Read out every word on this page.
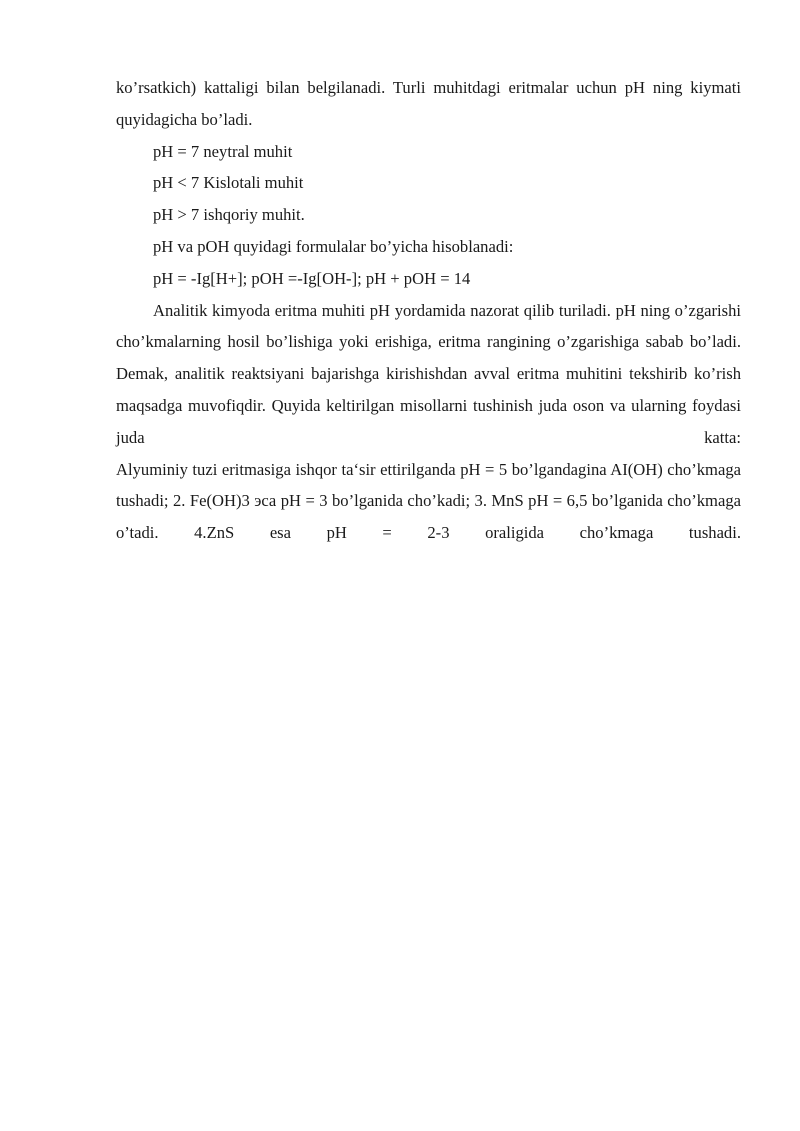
ko’rsatkich) kattaligi bilan belgilanadi. Turli muhitdagi eritmalar uchun pH ning kiymati quyidagicha bo’ladi.

pH = 7 neytral muhit

pH < 7 Kislotali muhit

pH > 7 ishqoriy muhit.

pH va pOH quyidagi formulalar bo’yicha hisoblanadi:

pH = -Ig[H+]; pOH =-Ig[OH-]; pH + pOH = 14

Analitik kimyoda eritma muhiti pH yordamida nazorat qilib turiladi. pH ning o’zgarishi cho’kmalarning hosil bo’lishiga yoki erishiga, eritma rangining o’zgarishiga sabab bo’ladi. Demak, analitik reaktsiyani bajarishga kirishishdan avval eritma muhitini tekshirib ko’rish maqsadga muvofiqdir. Quyida keltirilgan misollarni tushinish juda oson va ularning foydasi juda katta:

Alyuminiy tuzi eritmasiga ishqor ta‘sir ettirilganda pH = 5 bo’lgandagina AI(OH) cho’kmaga tushadi; 2. Fe(OH)3 эса pH = 3 bo’lganida cho’kadi; 3. MnS pH = 6,5 bo’lganida cho’kmaga o’tadi. 4.ZnS esa pH = 2-3 oraligida cho’kmaga tushadi.
